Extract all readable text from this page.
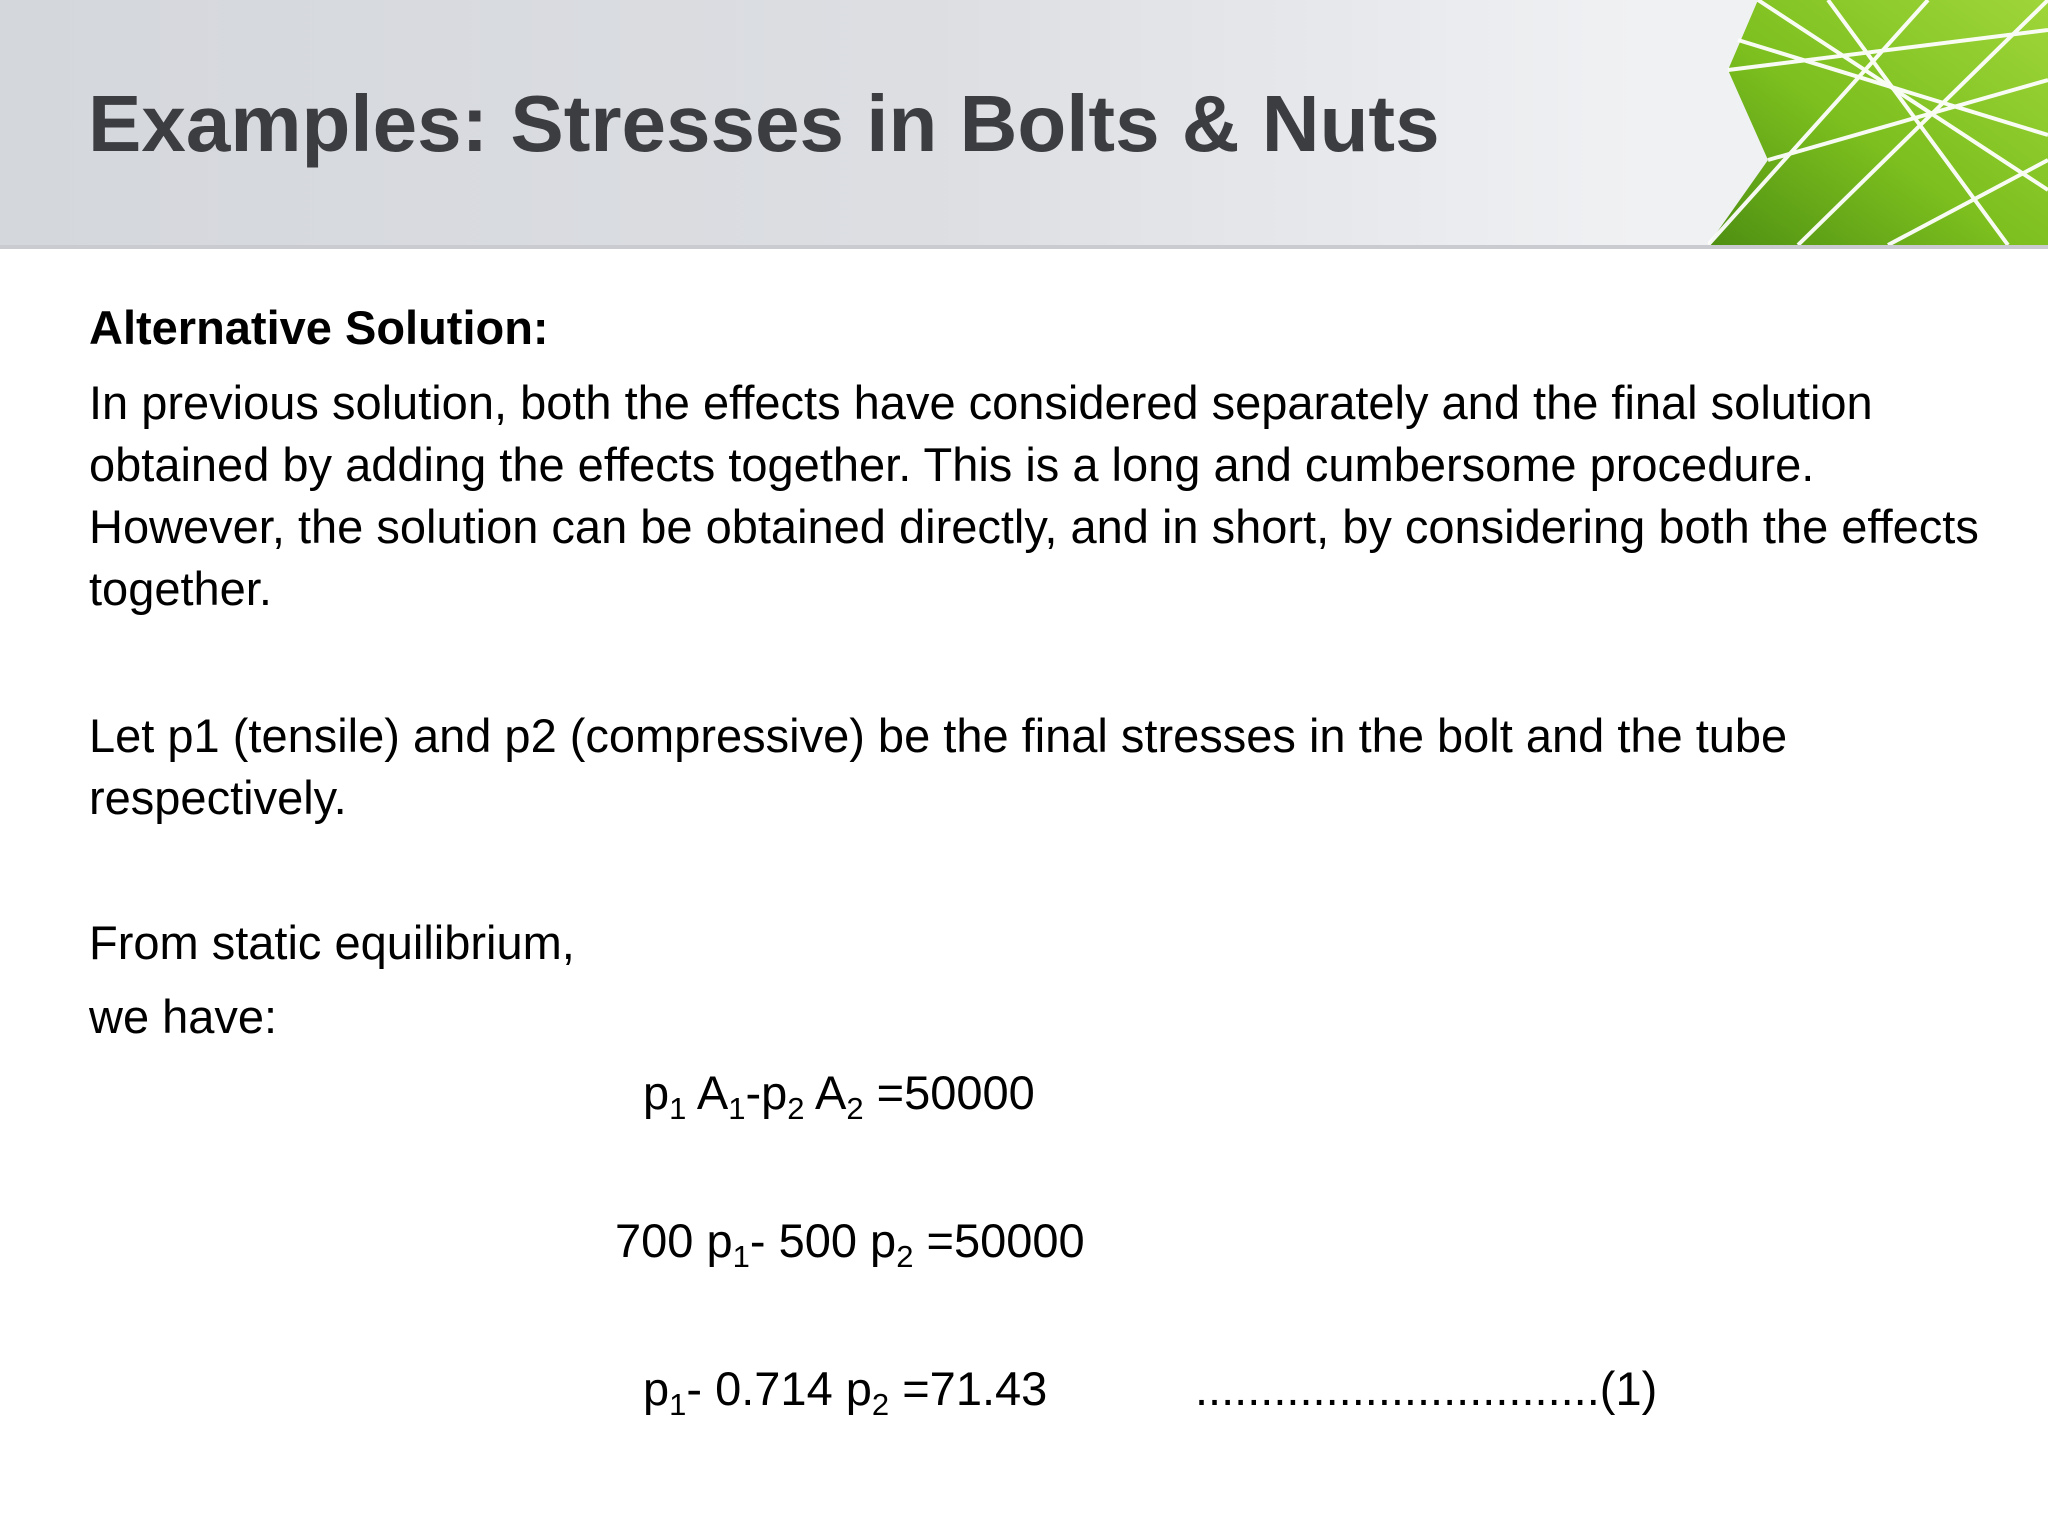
Examples: Stresses in Bolts & Nuts

Alternative Solution:

In previous solution, both the effects have considered separately and the final solution obtained by adding the effects together. This is a long and cumbersome procedure. However, the solution can be obtained directly, and in short, by considering both the effects together.

Let p1 (tensile) and p2 (compressive) be the final stresses in the bolt and the tube respectively.

From static equilibrium,

we have:

$p_1$ $A_1-p_2$ $A_2 =50000$

700 $p_1-$ 500 $p_2 =50000$

$p_1-$ 0.714 $p_2 =71.43$	...............................(1)
